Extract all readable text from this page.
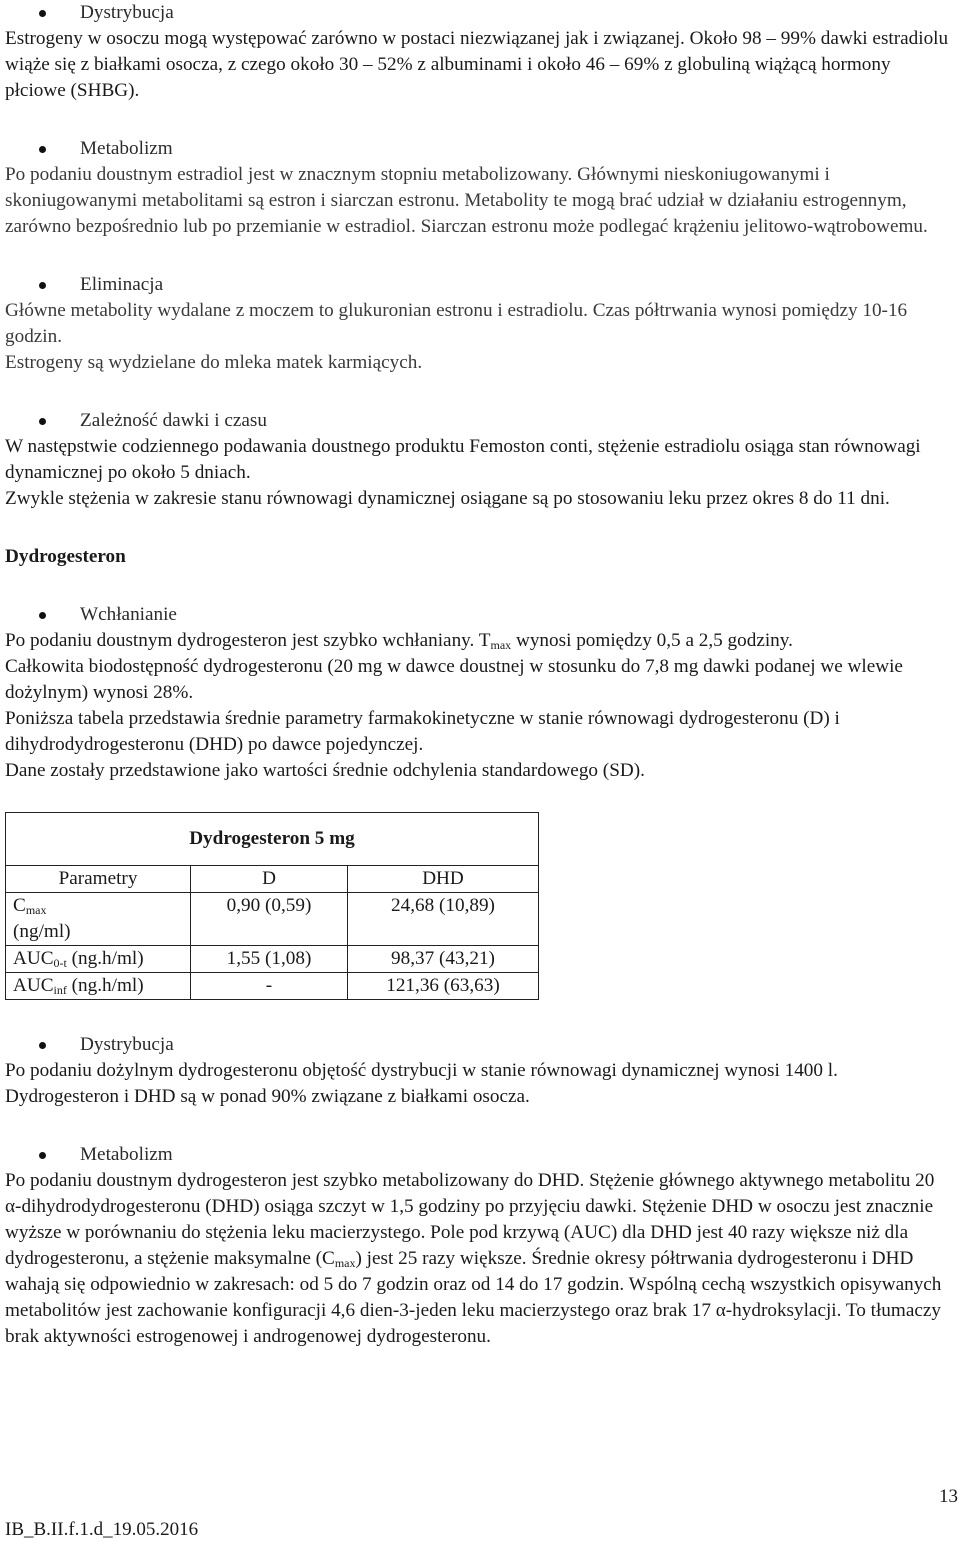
Dystrybucja

Estrogeny w osoczu mogą występować zarówno w postaci niezwiązanej jak i związanej. Około 98 – 99% dawki estradiolu wiąże się z białkami osocza, z czego około 30 – 52% z albuminami i około 46 – 69% z globuliną wiążącą hormony płciowe (SHBG).

Metabolizm

Po podaniu doustnym estradiol jest w znacznym stopniu metabolizowany. Głównymi nieskoniugowanymi i skoniugowanymi metabolitami są estron i siarczan estronu. Metabolity te mogą brać udział w działaniu estrogennym, zarówno bezpośrednio lub po przemianie w estradiol. Siarczan estronu może podlegać krążeniu jelitowo-wątrobowemu.

Eliminacja

Główne metabolity wydalane z moczem to glukuronian estronu i estradiolu. Czas półtrwania wynosi pomiędzy 10-16 godzin.

Estrogeny są wydzielane do mleka matek karmiących.

Zależność dawki i czasu

W następstwie codziennego podawania doustnego produktu Femoston conti, stężenie estradiolu osiąga stan równowagi dynamicznej po około 5 dniach.

Zwykle stężenia w zakresie stanu równowagi dynamicznej osiągane są po stosowaniu leku przez okres 8 do 11 dni.

Dydrogesteron

Wchłanianie

Po podaniu doustnym dydrogesteron jest szybko wchłaniany. $T_{max}$ wynosi pomiędzy 0,5 a 2,5 godziny.

Całkowita biodostępność dydrogesteronu (20 mg w dawce doustnej w stosunku do 7,8 mg dawki podanej we wlewie dożylnym) wynosi 28%.

Poniższa tabela przedstawia średnie parametry farmakokinetyczne w stanie równowagi dydrogesteronu (D) i dihydrodydrogesteronu (DHD) po dawce pojedynczej.

Dane zostały przedstawione jako wartości średnie odchylenia standardowego (SD).

Dydrogesteron 5 mg		
Parametry	D	DHD
$C_{max}$
(ng/ml)	0,90 (0,59)	24,68 (10,89)
$AUC_{0-t}$ (ng.h/ml)	1,55 (1,08)	98,37 (43,21)
$AUC_{inf}$ (ng.h/ml)	-	121,36 (63,63)

Dystrybucja

Po podaniu dożylnym dydrogesteronu objętość dystrybucji w stanie równowagi dynamicznej wynosi 1400 l. Dydrogesteron i DHD są w ponad 90% związane z białkami osocza.

Metabolizm

Po podaniu doustnym dydrogesteron jest szybko metabolizowany do DHD. Stężenie głównego aktywnego metabolitu 20 α-dihydrodydrogesteronu (DHD) osiąga szczyt w 1,5 godziny po przyjęciu dawki. Stężenie DHD w osoczu jest znacznie wyższe w porównaniu do stężenia leku macierzystego. Pole pod krzywą (AUC) dla DHD jest 40 razy większe niż dla dydrogesteronu, a stężenie maksymalne $(C_{max})$ jest 25 razy większe. Średnie okresy półtrwania dydrogesteronu i DHD wahają się odpowiednio w zakresach: od 5 do 7 godzin oraz od 14 do 17 godzin. Wspólną cechą wszystkich opisywanych metabolitów jest zachowanie konfiguracji 4,6 dien-3-jeden leku macierzystego oraz brak 17 α-hydroksylacji. To tłumaczy brak aktywności estrogenowej i androgenowej dydrogesteronu.

13
IB_B.II.f.1.d_19.05.2016
